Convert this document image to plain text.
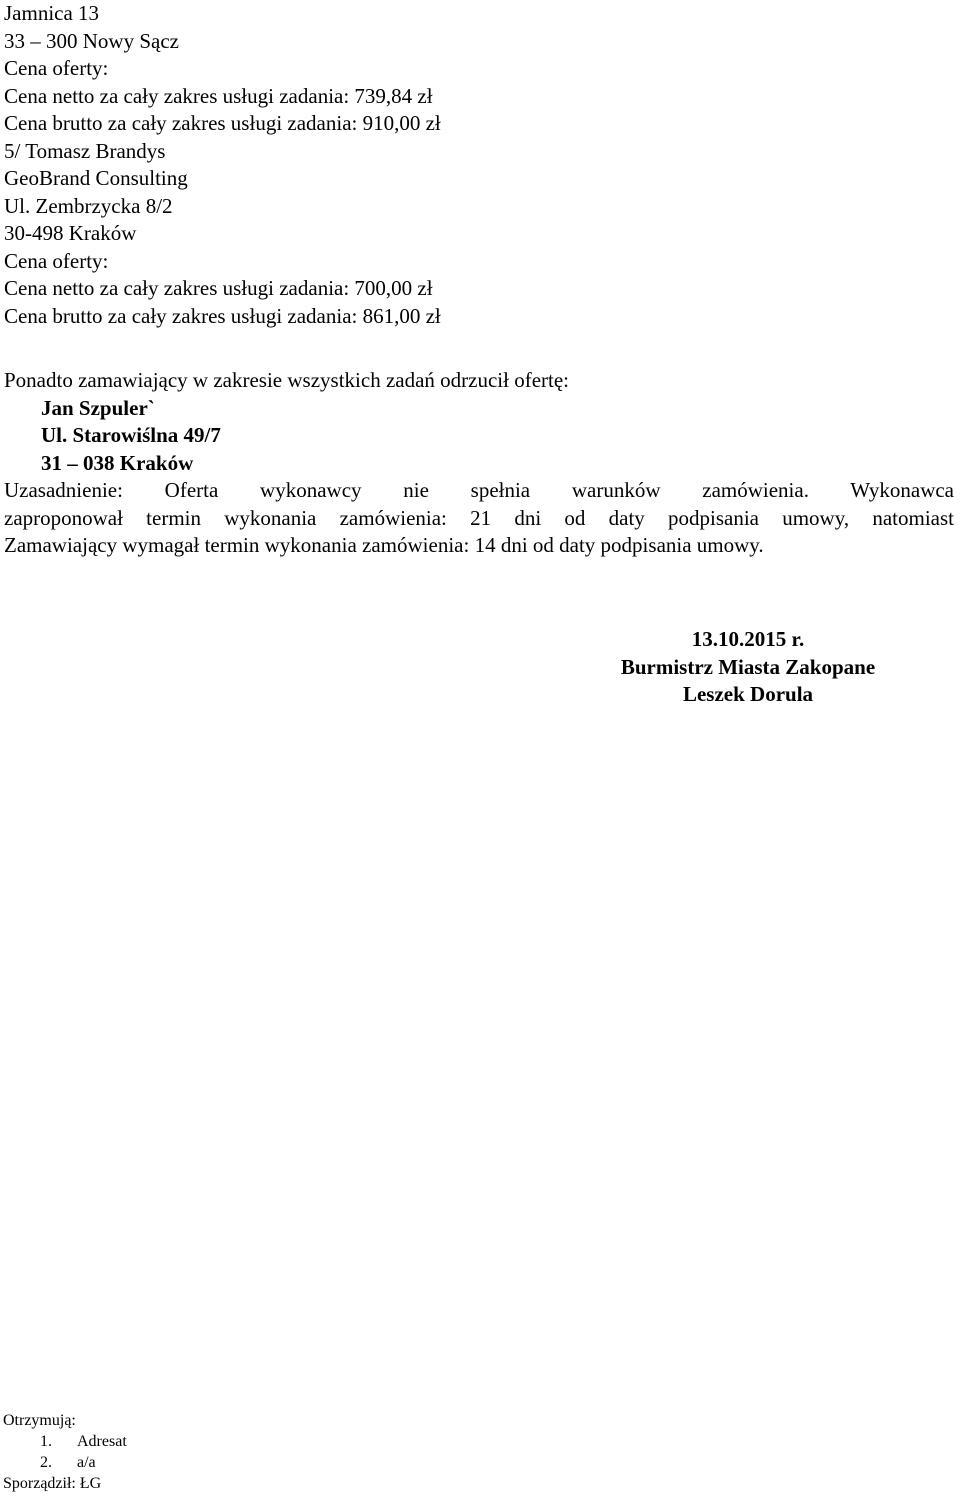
Jamnica 13
33 – 300 Nowy Sącz
Cena oferty:
Cena netto za cały zakres usługi zadania: 739,84 zł
Cena brutto za cały zakres usługi zadania: 910,00 zł
5/ Tomasz Brandys
GeoBrand Consulting
Ul. Zembrzycka 8/2
30-498 Kraków
Cena oferty:
Cena netto za cały zakres usługi zadania: 700,00 zł
Cena brutto za cały zakres usługi zadania: 861,00 zł
Ponadto zamawiający w zakresie wszystkich zadań odrzucił ofertę:
Jan Szpuler`
Ul. Starowiślna 49/7
31 – 038 Kraków
Uzasadnienie: Oferta wykonawcy nie spełnia warunków zamówienia. Wykonawca
zaproponował termin wykonania zamówienia: 21 dni od daty podpisania umowy, natomiast
Zamawiający wymagał termin wykonania zamówienia: 14 dni od daty podpisania umowy.
13.10.2015 r.
Burmistrz Miasta Zakopane
Leszek Dorula
Otrzymują:
1. Adresat
2. a/a
Sporządził: ŁG
